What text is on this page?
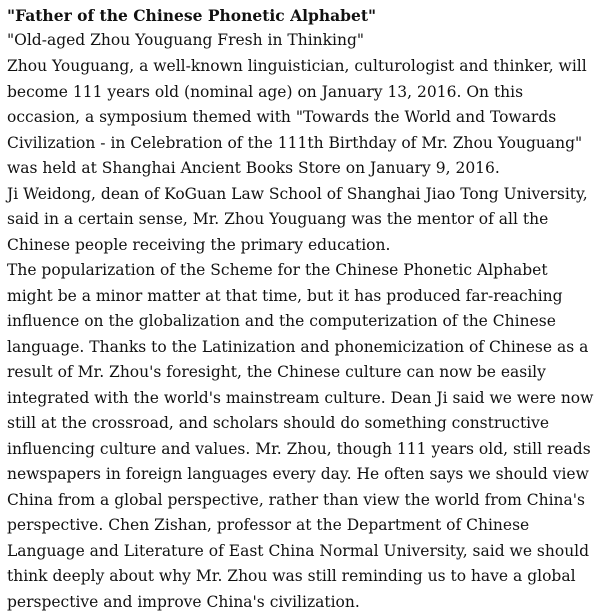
"Father of the Chinese Phonetic Alphabet"

"Old-aged Zhou Youguang Fresh in Thinking"

Zhou Youguang, a well-known linguistician, culturologist and thinker, will become 111 years old (nominal age) on January 13, 2016. On this occasion, a symposium themed with "Towards the World and Towards Civilization - in Celebration of the 111th Birthday of Mr. Zhou Youguang" was held at Shanghai Ancient Books Store on January 9, 2016.

Ji Weidong, dean of KoGuan Law School of Shanghai Jiao Tong University, said in a certain sense, Mr. Zhou Youguang was the mentor of all the Chinese people receiving the primary education.

The popularization of the Scheme for the Chinese Phonetic Alphabet might be a minor matter at that time, but it has produced far-reaching influence on the globalization and the computerization of the Chinese language. Thanks to the Latinization and phonemicization of Chinese as a result of Mr. Zhou's foresight, the Chinese culture can now be easily integrated with the world's mainstream culture. Dean Ji said we were now still at the crossroad, and scholars should do something constructive influencing culture and values. Mr. Zhou, though 111 years old, still reads newspapers in foreign languages every day. He often says we should view China from a global perspective, rather than view the world from China's perspective. Chen Zishan, professor at the Department of Chinese Language and Literature of East China Normal University, said we should think deeply about why Mr. Zhou was still reminding us to have a global perspective and improve China's civilization.
